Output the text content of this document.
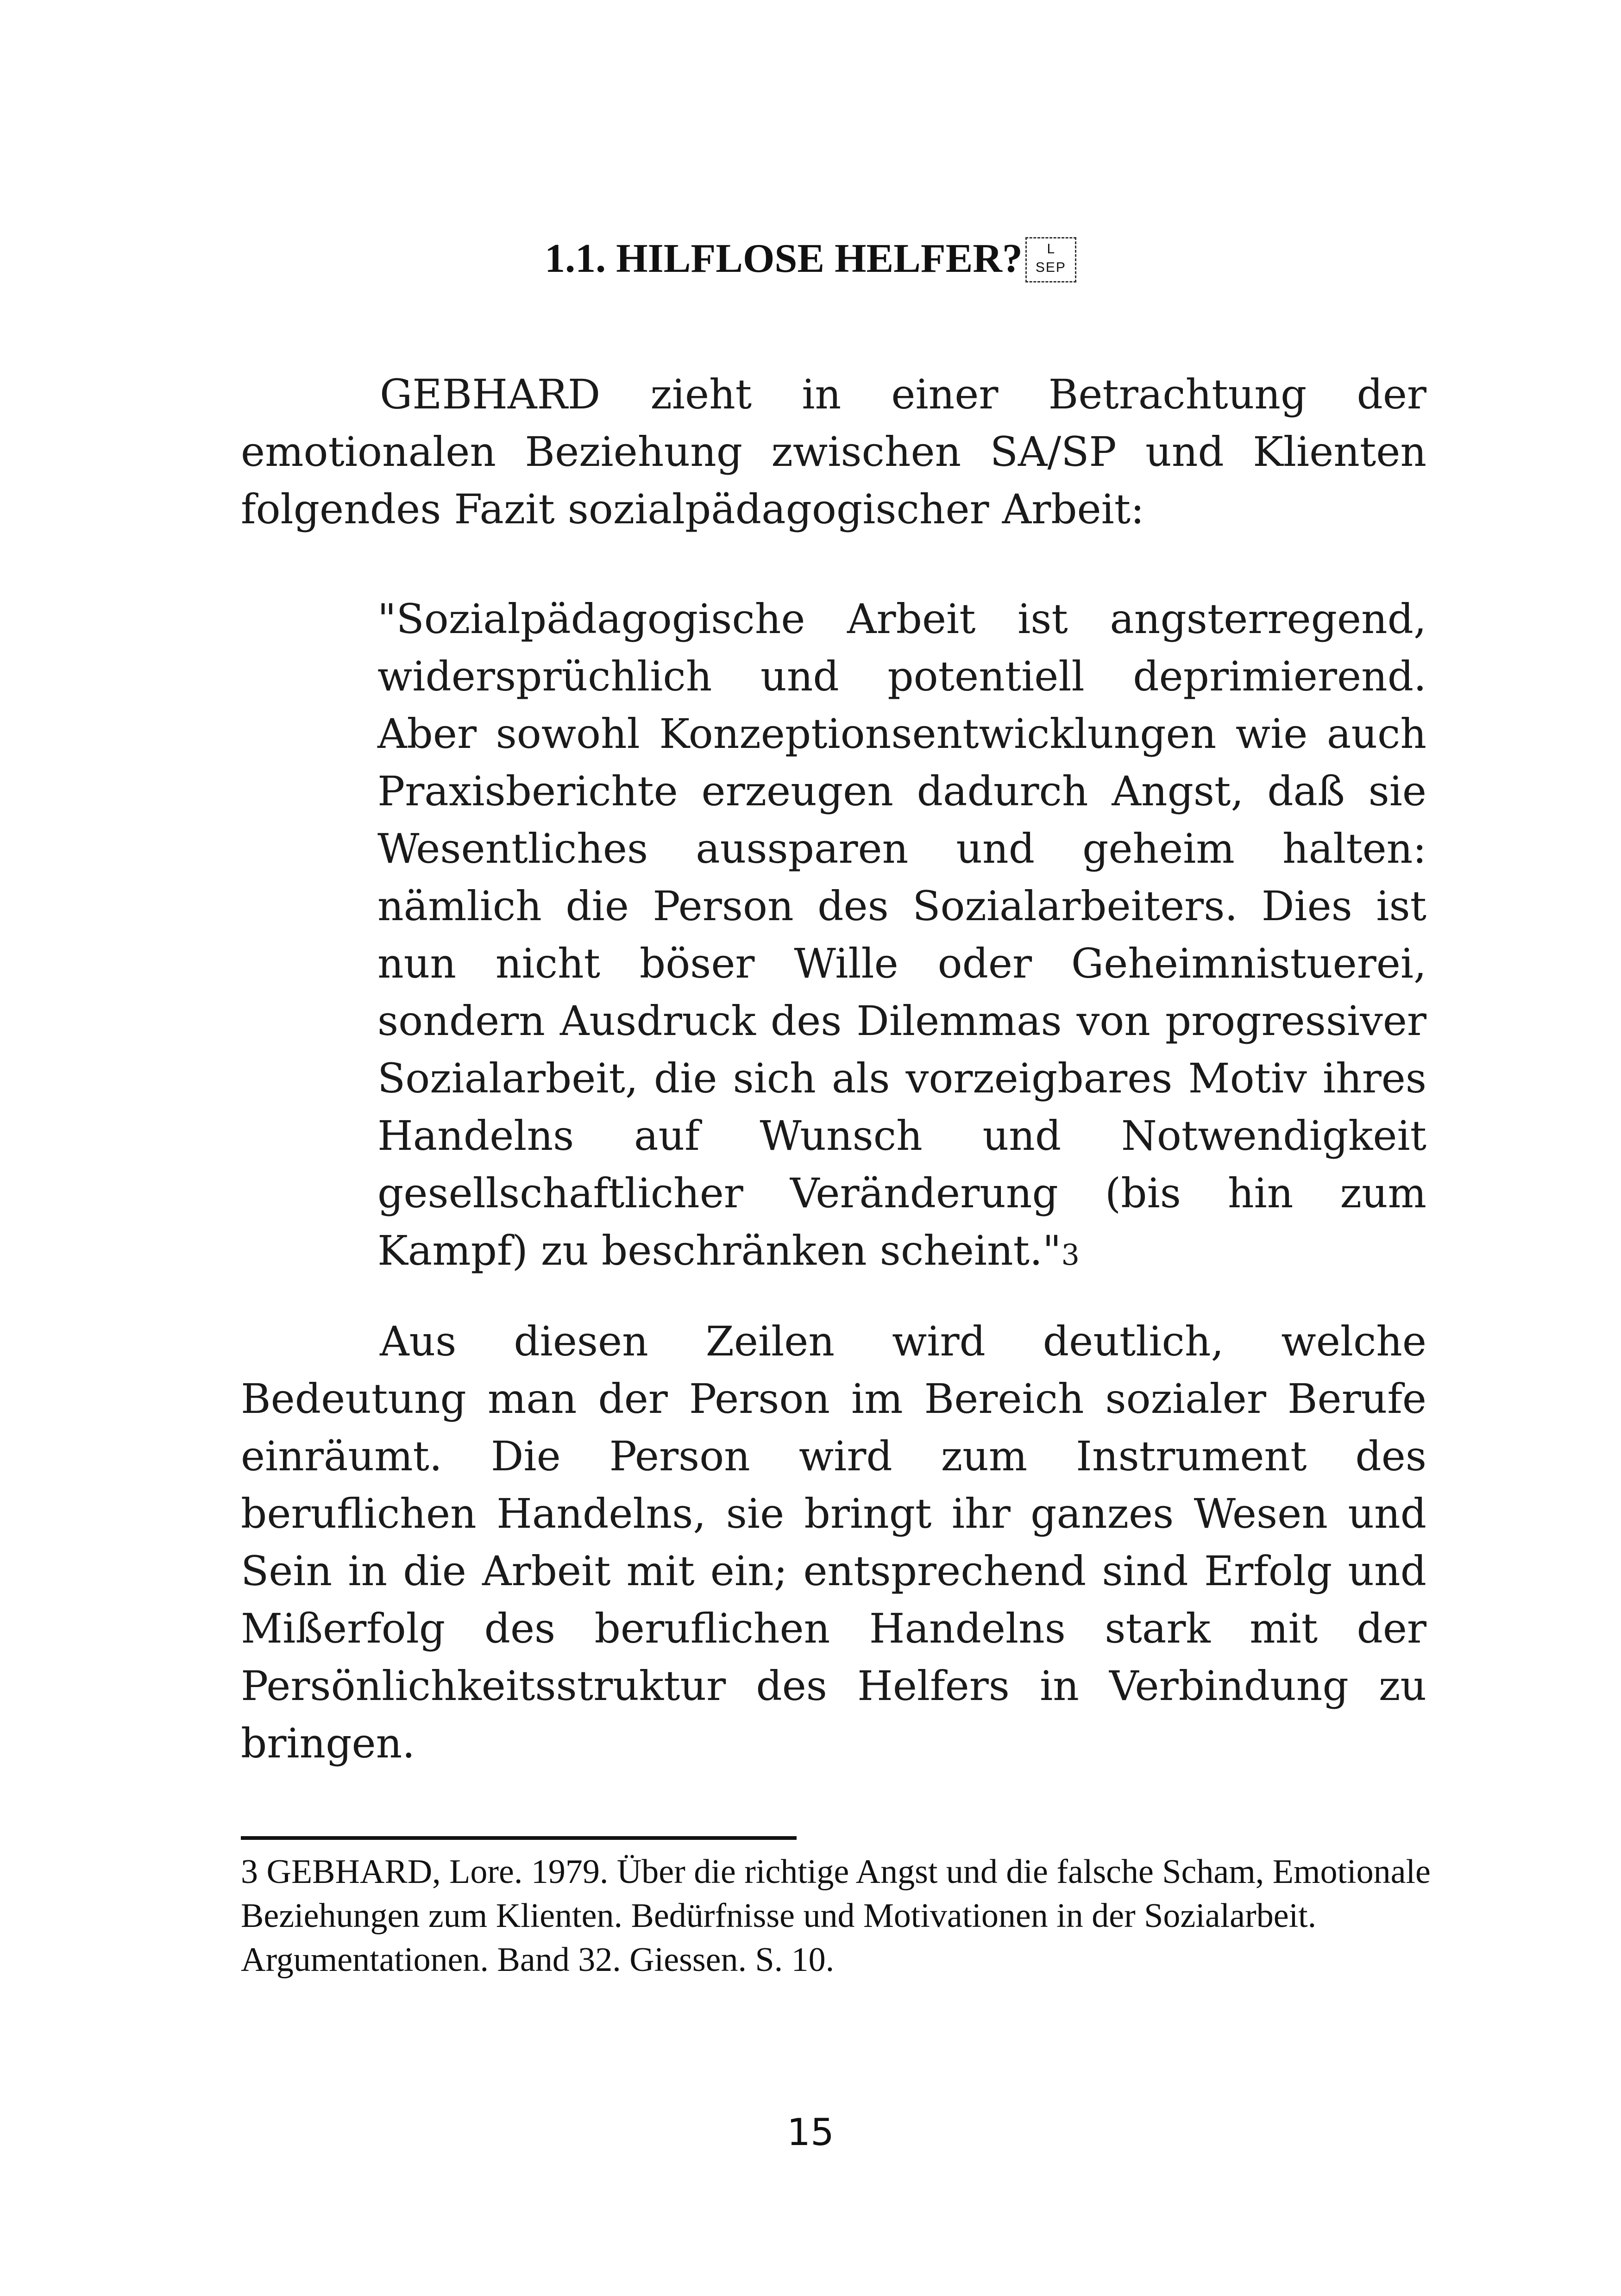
1.1. HILFLOSE HELFER?	L
SEP

GEBHARD zieht in einer Betrachtung der emotionalen Beziehung zwischen SA/SP und Klienten folgendes Fazit sozialpädagogischer Arbeit:

"Sozialpädagogische Arbeit ist angsterregend, widersprüchlich und potentiell deprimierend. Aber sowohl Konzeptionsentwicklungen wie auch Praxisberichte erzeugen dadurch Angst, daß sie Wesentliches aussparen und geheim halten: nämlich die Person des Sozialarbeiters. Dies ist nun nicht böser Wille oder Geheimnistuerei, sondern Ausdruck des Dilemmas von progressiver Sozialarbeit, die sich als vorzeigbares Motiv ihres Handelns auf Wunsch und Notwendigkeit gesellschaftlicher Veränderung (bis hin zum Kampf) zu beschränken scheint."3

Aus diesen Zeilen wird deutlich, welche Bedeutung man der Person im Bereich sozialer Berufe einräumt. Die Person wird zum Instrument des beruflichen Handelns, sie bringt ihr ganzes Wesen und Sein in die Arbeit mit ein; entsprechend sind Erfolg und Mißerfolg des beruflichen Handelns stark mit der Persönlichkeitsstruktur des Helfers in Verbindung zu bringen.

3 GEBHARD, Lore. 1979. Über die richtige Angst und die falsche Scham, Emotionale Beziehungen zum Klienten. Bedürfnisse und Motivationen in der Sozialarbeit. Argumentationen. Band 32. Giessen. S. 10.

15
